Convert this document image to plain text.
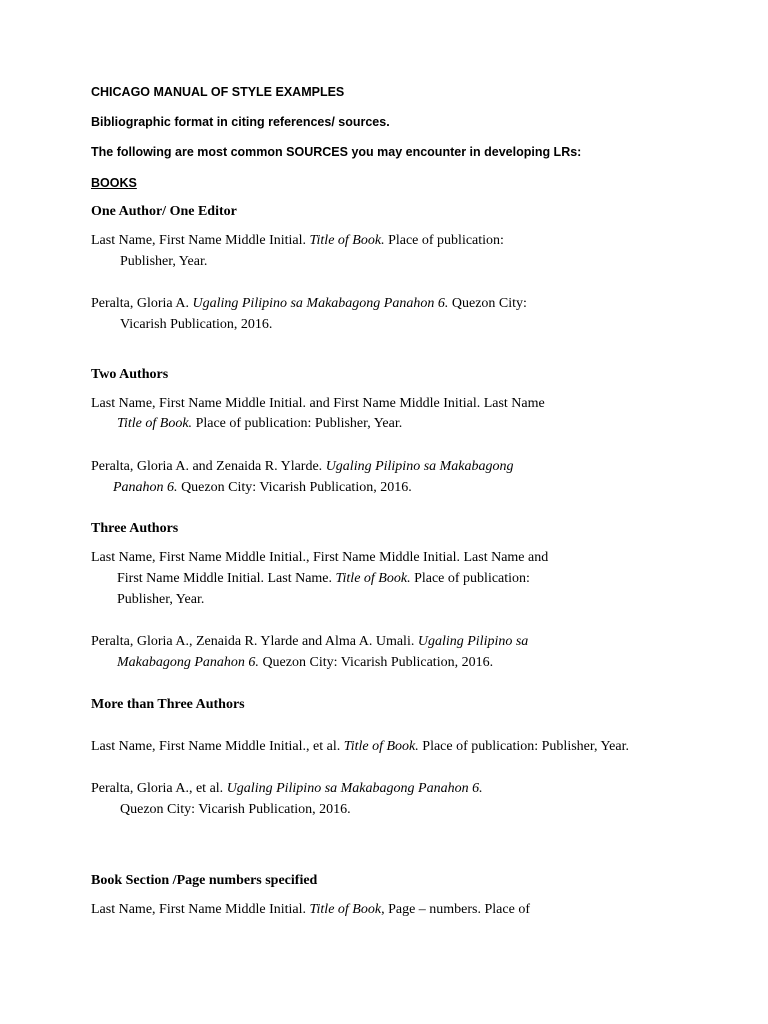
CHICAGO MANUAL OF STYLE EXAMPLES
Bibliographic format in citing references/ sources.
The following are most common SOURCES you may encounter in developing LRs:
BOOKS
One Author/ One Editor
Last Name, First Name Middle Initial. Title of Book. Place of publication:
Publisher, Year.
Peralta, Gloria A. Ugaling Pilipino sa Makabagong Panahon 6. Quezon City:
Vicarish Publication, 2016.
Two Authors
Last Name, First Name Middle Initial. and First Name Middle Initial. Last Name
Title of Book. Place of publication: Publisher, Year.
Peralta, Gloria A. and Zenaida R. Ylarde. Ugaling Pilipino sa Makabagong
Panahon 6. Quezon City: Vicarish Publication, 2016.
Three Authors
Last Name, First Name Middle Initial., First Name Middle Initial. Last Name and
First Name Middle Initial. Last Name. Title of Book. Place of publication:
Publisher, Year.
Peralta, Gloria A., Zenaida R. Ylarde and Alma A. Umali. Ugaling Pilipino sa
Makabagong Panahon 6. Quezon City: Vicarish Publication, 2016.
More than Three Authors
Last Name, First Name Middle Initial., et al. Title of Book. Place of publication: Publisher, Year.
Peralta, Gloria A., et al. Ugaling Pilipino sa Makabagong Panahon 6.
Quezon City: Vicarish Publication, 2016.
Book Section /Page numbers specified
Last Name, First Name Middle Initial. Title of Book, Page – numbers. Place of
